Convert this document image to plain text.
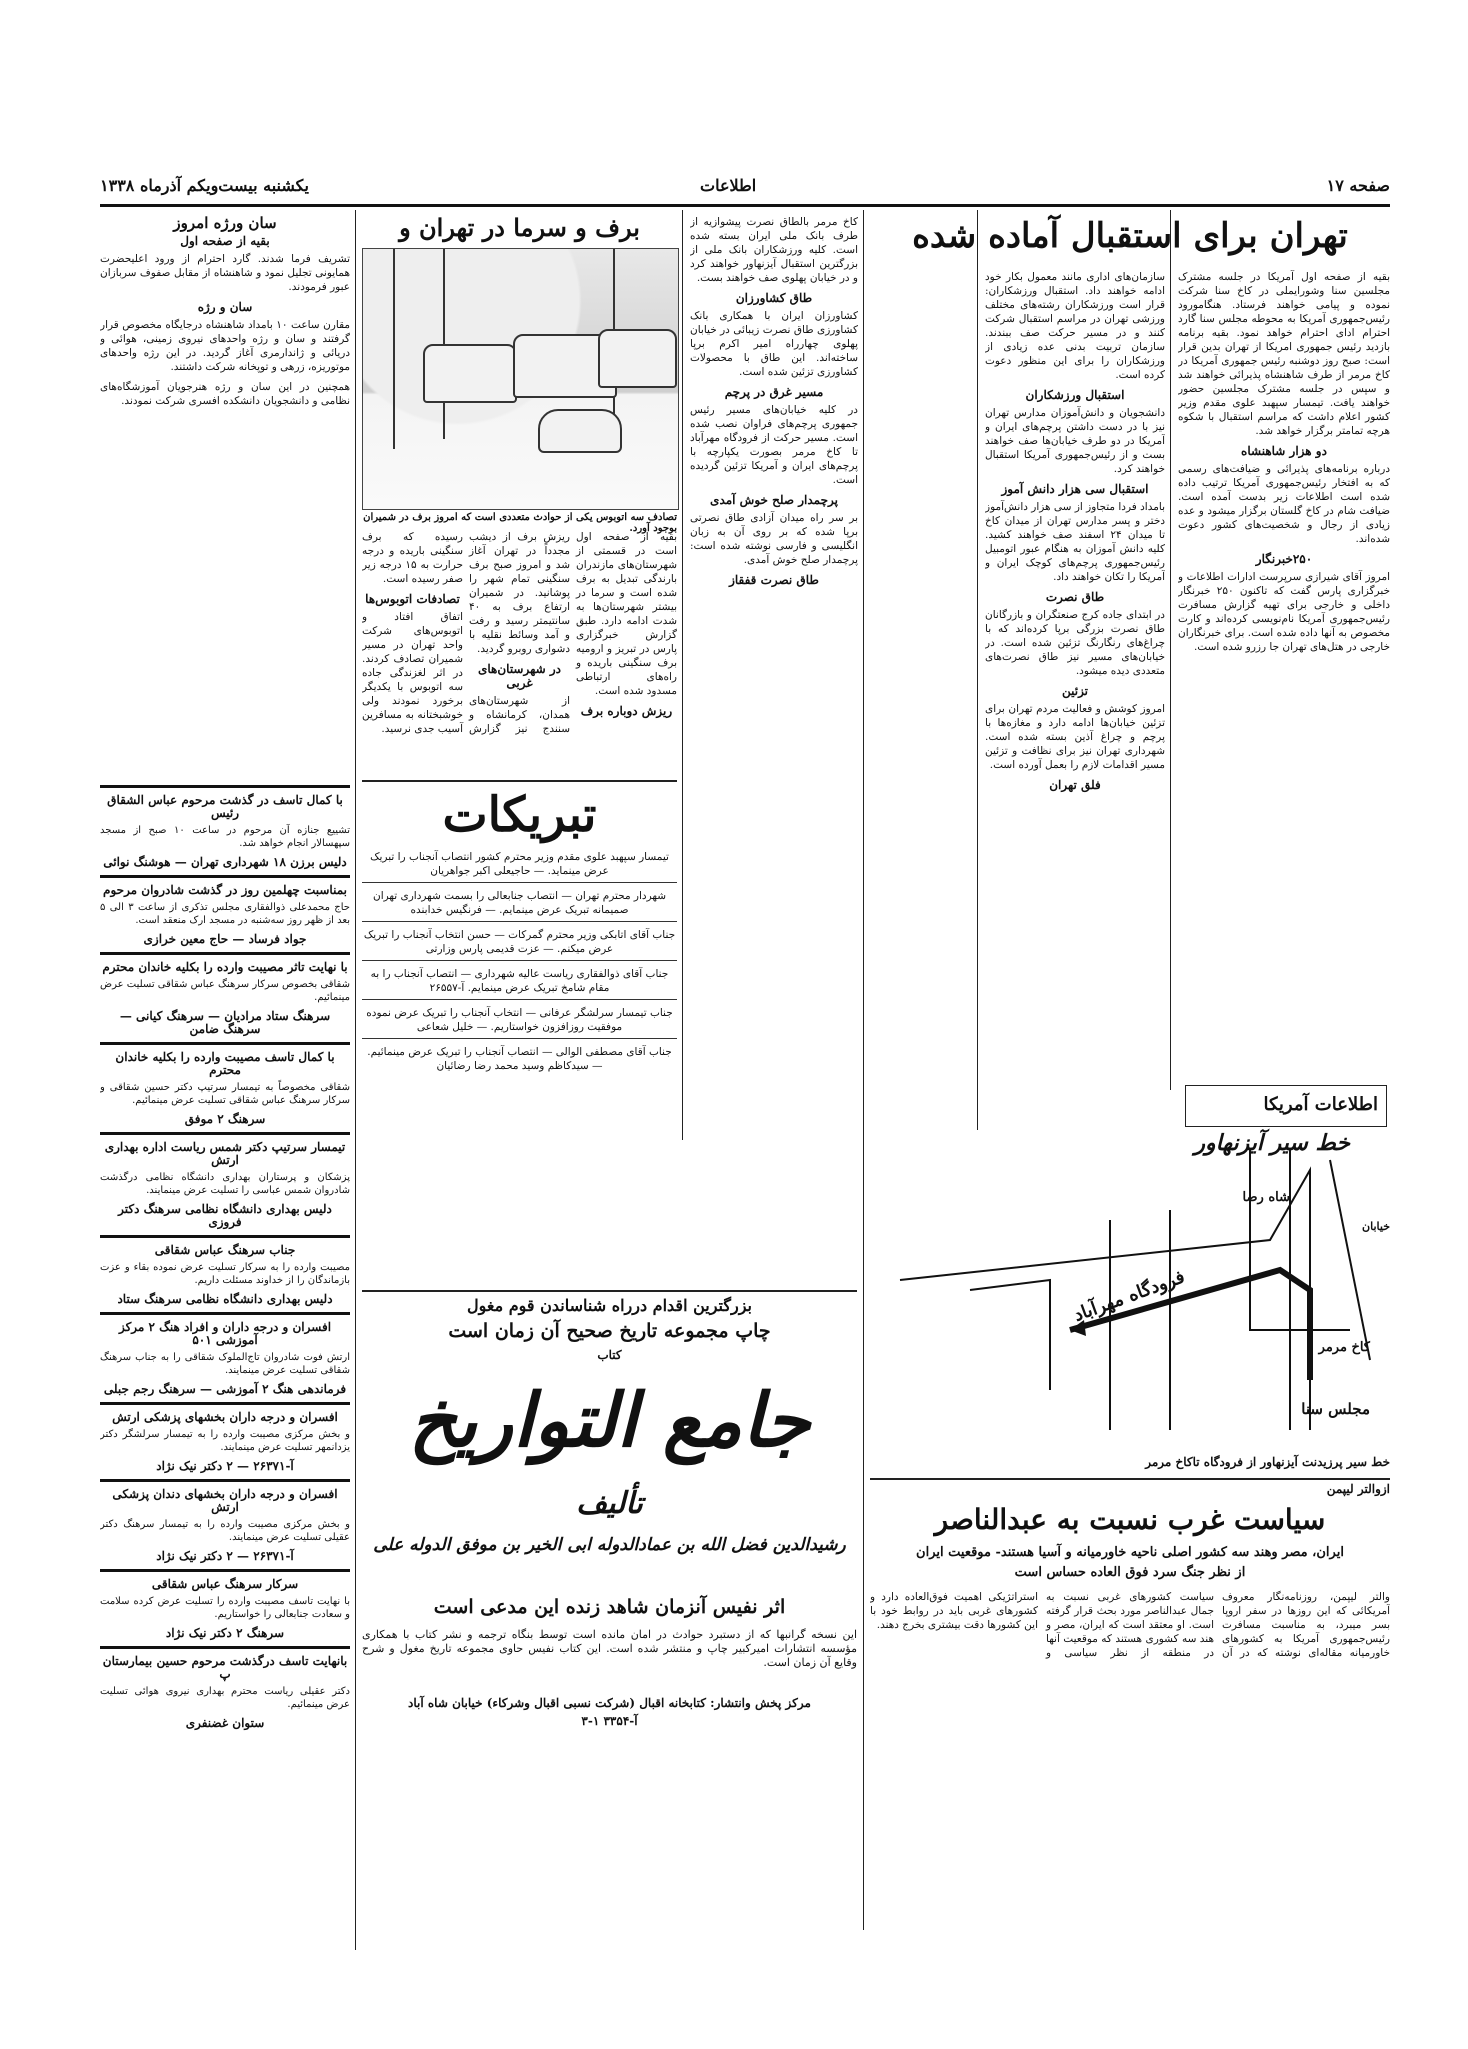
صفحه ۱۷
اطلاعات
یکشنبه بیست‌ویکم آذرماه ۱۳۳۸
تهران برای استقبال آماده شده

بقیه از صفحه اول آمریکا در جلسه مشترک مجلسین سنا وشورایملی در کاخ سنا شرکت نموده و پیامی خواهند فرستاد. هنگامورود رئیس‌جمهوری آمریکا به محوطه مجلس سنا گارد احترام ادای احترام خواهد نمود. بقیه برنامه بازدید رئیس جمهوری امریکا از تهران بدین قرار است: صبح روز دوشنبه رئیس جمهوری آمریکا در کاخ مرمر از طرف شاهنشاه پذیرائی خواهند شد و سپس در جلسه مشترک مجلسین حضور خواهند یافت. تیمسار سپهبد علوی مقدم وزیر کشور اعلام داشت که مراسم استقبال با شکوه هرچه تمامتر برگزار خواهد شد.

دو هزار شاهنشاه

درباره برنامه‌های پذیرائی و ضیافت‌های رسمی که به افتخار رئیس‌جمهوری آمریکا ترتیب داده شده است اطلاعات زیر بدست آمده است. ضیافت شام در کاخ گلستان برگزار میشود و عده زیادی از رجال و شخصیت‌های کشور دعوت شده‌اند.

۲۵۰خبرنگار

امروز آقای شیرازی سرپرست ادارات اطلاعات و خبرگزاری پارس گفت که تاکنون ۲۵۰ خبرنگار داخلی و خارجی برای تهیه گزارش مسافرت رئیس‌جمهوری آمریکا نام‌نویسی کرده‌اند و کارت مخصوص به آنها داده شده است. برای خبرنگاران خارجی در هتل‌های تهران جا رزرو شده است.

اطلاعات آمریکا

سازمان‌های اداری مانند معمول بکار خود ادامه خواهند داد. استقبال ورزشکاران: قرار است ورزشکاران رشته‌های مختلف ورزشی تهران در مراسم استقبال شرکت کنند و در مسیر حرکت صف ببندند. سازمان تربیت بدنی عده زیادی از ورزشکاران را برای این منظور دعوت کرده است.

استقبال ورزشکاران

دانشجویان و دانش‌آموزان مدارس تهران نیز با در دست داشتن پرچم‌های ایران و آمریکا در دو طرف خیابان‌ها صف خواهند بست و از رئیس‌جمهوری آمریکا استقبال خواهند کرد.

استقبال سی هزار دانش آموز

بامداد فردا متجاوز از سی هزار دانش‌آموز دختر و پسر مدارس تهران از میدان کاخ تا میدان ۲۴ اسفند صف خواهند کشید. کلیه دانش آموزان به هنگام عبور اتومبیل رئیس‌جمهوری پرچم‌های کوچک ایران و آمریکا را تکان خواهند داد.

طاق نصرت

در ابتدای جاده کرج صنعتگران و بازرگانان طاق نصرت بزرگی برپا کرده‌اند که با چراغ‌های رنگارنگ تزئین شده است. در خیابان‌های مسیر نیز طاق نصرت‌های متعددی دیده میشود.

تزئین

امروز کوشش و فعالیت مردم تهران برای تزئین خیابان‌ها ادامه دارد و مغازه‌ها با پرچم و چراغ آذین بسته شده است. شهرداری تهران نیز برای نظافت و تزئین مسیر اقدامات لازم را بعمل آورده است.

فلق تهران

کاخ مرمر بالطاق نصرت پیشوازیه از طرف بانک ملی ایران بسته شده است. کلیه ورزشکاران بانک ملی از بزرگترین استقبال آیزنهاور خواهند کرد و در خیابان پهلوی صف خواهند بست.

طاق کشاورزان

کشاورزان ایران با همکاری بانک کشاورزی طاق نصرت زیبائی در خیابان پهلوی چهارراه امیر اکرم برپا ساخته‌اند. این طاق با محصولات کشاورزی تزئین شده است.

مسیر غرق در پرچم

در کلیه خیابان‌های مسیر رئیس جمهوری پرچم‌های فراوان نصب شده است. مسیر حرکت از فرودگاه مهرآباد تا کاخ مرمر بصورت یکپارچه با پرچم‌های ایران و آمریکا تزئین گردیده است.

پرچمدار صلح خوش آمدی

بر سر راه میدان آزادی طاق نصرتی برپا شده که بر روی آن به زبان انگلیسی و فارسی نوشته شده است: پرچمدار صلح خوش آمدی.

طاق نصرت قفقاز
برف و سرما در تهران و
تصادف سه اتوبوس یکی از حوادث متعددی است که امروز برف در شمیران بوجود آورد.

بقیه از صفحه اول است در قسمتی از شهرستان‌های مازندران بارندگی تبدیل به برف شده است و سرما در بیشتر شهرستان‌ها به شدت ادامه دارد. طبق گزارش خبرگزاری پارس در تبریز و ارومیه برف سنگینی باریده و راه‌های ارتباطی مسدود شده است.

ریزش دوباره برف

ریزش برف از دیشب مجدداً در تهران آغاز شد و امروز صبح برف سنگینی تمام شهر را پوشانید. در شمیران ارتفاع برف به ۴۰ سانتیمتر رسید و رفت و آمد وسائط نقلیه با دشواری روبرو گردید.

در شهرستان‌های غربی

از شهرستان‌های همدان، کرمانشاه و سنندج نیز گزارش رسیده که برف سنگینی باریده و درجه حرارت به ۱۵ درجه زیر صفر رسیده است.

تصادفات اتوبوس‌ها

اتفاق افتاد و اتوبوس‌های شرکت واحد تهران در مسیر شمیران تصادف کردند. در اثر لغزندگی جاده سه اتوبوس با یکدیگر برخورد نمودند ولی خوشبختانه به مسافرین آسیب جدی نرسید.

سان ورژه امروز
بقیه از صفحه اول

تشریف فرما شدند. گارد احترام از ورود اعلیحضرت همایونی تجلیل نمود و شاهنشاه از مقابل صفوف سربازان عبور فرمودند.

سان و رژه

مقارن ساعت ۱۰ بامداد شاهنشاه درجایگاه مخصوص قرار گرفتند و سان و رژه واحدهای نیروی زمینی، هوائی و دریائی و ژاندارمری آغاز گردید. در این رژه واحدهای موتوریزه، زرهی و توپخانه شرکت داشتند.

همچنین در این سان و رژه هنرجویان آموزشگاه‌های نظامی و دانشجویان دانشکده افسری شرکت نمودند.

با کمال تاسف در گذشت مرحوم عباس الشقاق رئیس

تشییع جنازه آن مرحوم در ساعت ۱۰ صبح از مسجد سپهسالار انجام خواهد شد.

دلیس برزن ۱۸ شهرداری تهران — هوشنگ نوائی
بمناسبت چهلمین روز در گذشت شادروان مرحوم

حاج محمدعلی ذوالفقاری مجلس تذکری از ساعت ۳ الی ۵ بعد از ظهر روز سه‌شنبه در مسجد ارک منعقد است.

جواد فرساد — حاج معین خرازی
با نهایت تاثر مصیبت وارده را بکلیه خاندان محترم

شقاقی بخصوص سرکار سرهنگ عباس شقاقی تسلیت عرض مینمائیم.

سرهنگ ستاد مرادیان — سرهنگ کیانی — سرهنگ ضامن
با کمال تاسف مصیبت وارده را بکلیه خاندان محترم

شقاقی مخصوصاً به تیمسار سرتیپ دکتر حسین شقاقی و سرکار سرهنگ عباس شقاقی تسلیت عرض مینمائیم.

سرهنگ ۲ موفق
تیمسار سرتیپ دکتر شمس ریاست اداره بهداری ارتش

پزشکان و پرستاران بهداری دانشگاه نظامی درگذشت شادروان شمس عباسی را تسلیت عرض مینمایند.

دلیس بهداری دانشگاه نظامی سرهنگ دکتر فروزی
جناب سرهنگ عباس شقاقی

مصیبت وارده را به سرکار تسلیت عرض نموده بقاء و عزت بازماندگان را از خداوند مسئلت داریم.

دلیس بهداری دانشگاه نظامی سرهنگ ستاد
افسران و درجه داران و افراد هنگ ۲ مرکز آموزشی ۵۰۱

ارتش فوت شادروان تاج‌الملوک شقاقی را به جناب سرهنگ شقاقی تسلیت عرض مینمایند.

فرماندهی هنگ ۲ آموزشی — سرهنگ رجم جبلی
افسران و درجه داران بخشهای پزشکی ارتش

و بخش مرکزی مصیبت وارده را به تیمسار سرلشگر دکتر یزدانمهر تسلیت عرض مینمایند.

آ-۲۶۳۷۱ — ۲ دکتر نیک نژاد
افسران و درجه داران بخشهای دندان پزشکی ارتش

و بخش مرکزی مصیبت وارده را به تیمسار سرهنگ دکتر عقیلی تسلیت عرض مینمایند.

آ-۲۶۳۷۱ — ۲ دکتر نیک نژاد
سرکار سرهنگ عباس شقاقی

با نهایت تاسف مصیبت وارده را تسلیت عرض کرده سلامت و سعادت جنابعالی را خواستاریم.

سرهنگ ۲ دکتر نیک نژاد
بانهایت تاسف درگذشت مرحوم حسین بیمارستان پ

دکتر عقیلی ریاست محترم بهداری نیروی هوائی تسلیت عرض مینمائیم.

ستوان غضنفری
تبریکات

تیمسار سپهبد علوی مقدم وزیر محترم کشور انتصاب آنجناب را تبریک عرض مینماید. — حاجیعلی اکبر جواهریان

شهردار محترم تهران — انتصاب جنابعالی را بسمت شهرداری تهران صمیمانه تبریک عرض مینمایم. — فرنگیس خدابنده

جناب آقای اتابکی وزیر محترم گمرکات — حسن انتخاب آنجناب را تبریک عرض میکنم. — عزت قدیمی پارس وزارتی

جناب آقای ذوالفقاری ریاست عالیه شهرداری — انتصاب آنجناب را به مقام شامخ تبریک عرض مینمایم. آ-۲۶۵۵۷

جناب تیمسار سرلشگر عرفانی — انتخاب آنجناب را تبریک عرض نموده موفقیت روزافزون خواستاریم. — خلیل شعاعی

جناب آقای مصطفی الوالی — انتصاب آنجناب را تبریک عرض مینمائیم. — سیدکاظم وسید محمد رضا رضائیان

بزرگترین اقدام درراه شناساندن قوم مغول
چاپ مجموعه تاریخ صحیح آن زمان است
کتاب
جامع التواریخ
تألیف
رشیدالدین فضل الله بن عمادالدوله ابی الخیر بن موفق الدوله علی
اثر نفیس آنزمان شاهد زنده این مدعی است
این نسخه گرانبها که از دستبرد حوادث در امان مانده است توسط بنگاه ترجمه و نشر کتاب با همکاری مؤسسه انتشارات امیرکبیر چاپ و منتشر شده است. این کتاب نفیس حاوی مجموعه تاریخ مغول و شرح وقایع آن زمان است.
مرکز پخش وانتشار: کتابخانه اقبال (شرکت نسبی اقبال وشرکاء) خیابان شاه آباد
آ-۳۳۵۴ ۱-۳
خط سیر آیزنهاور
فرودگاه مهرآباد
شاه رضا
کاخ مرمر
مجلس سنا
خیابان
خط سیر پرزیدنت آیزنهاور از فرودگاه تاکاخ مرمر
ازوالتر لیپمن
سیاست غرب نسبت به عبدالناصر
ایران، مصر وهند سه کشور اصلی ناحیه خاورمیانه و آسیا هستند- موقعیت ایران
از نظر جنگ سرد فوق العاده حساس است
والتر لیپمن، روزنامه‌نگار معروف آمریکائی که این روزها در سفر اروپا بسر میبرد، به مناسبت مسافرت رئیس‌جمهوری آمریکا به کشورهای خاورمیانه مقاله‌ای نوشته که در آن سیاست کشورهای غربی نسبت به جمال عبدالناصر مورد بحث قرار گرفته است. او معتقد است که ایران، مصر و هند سه کشوری هستند که موقعیت آنها در منطقه از نظر سیاسی و استراتژیکی اهمیت فوق‌العاده دارد و کشورهای غربی باید در روابط خود با این کشورها دقت بیشتری بخرج دهند.
